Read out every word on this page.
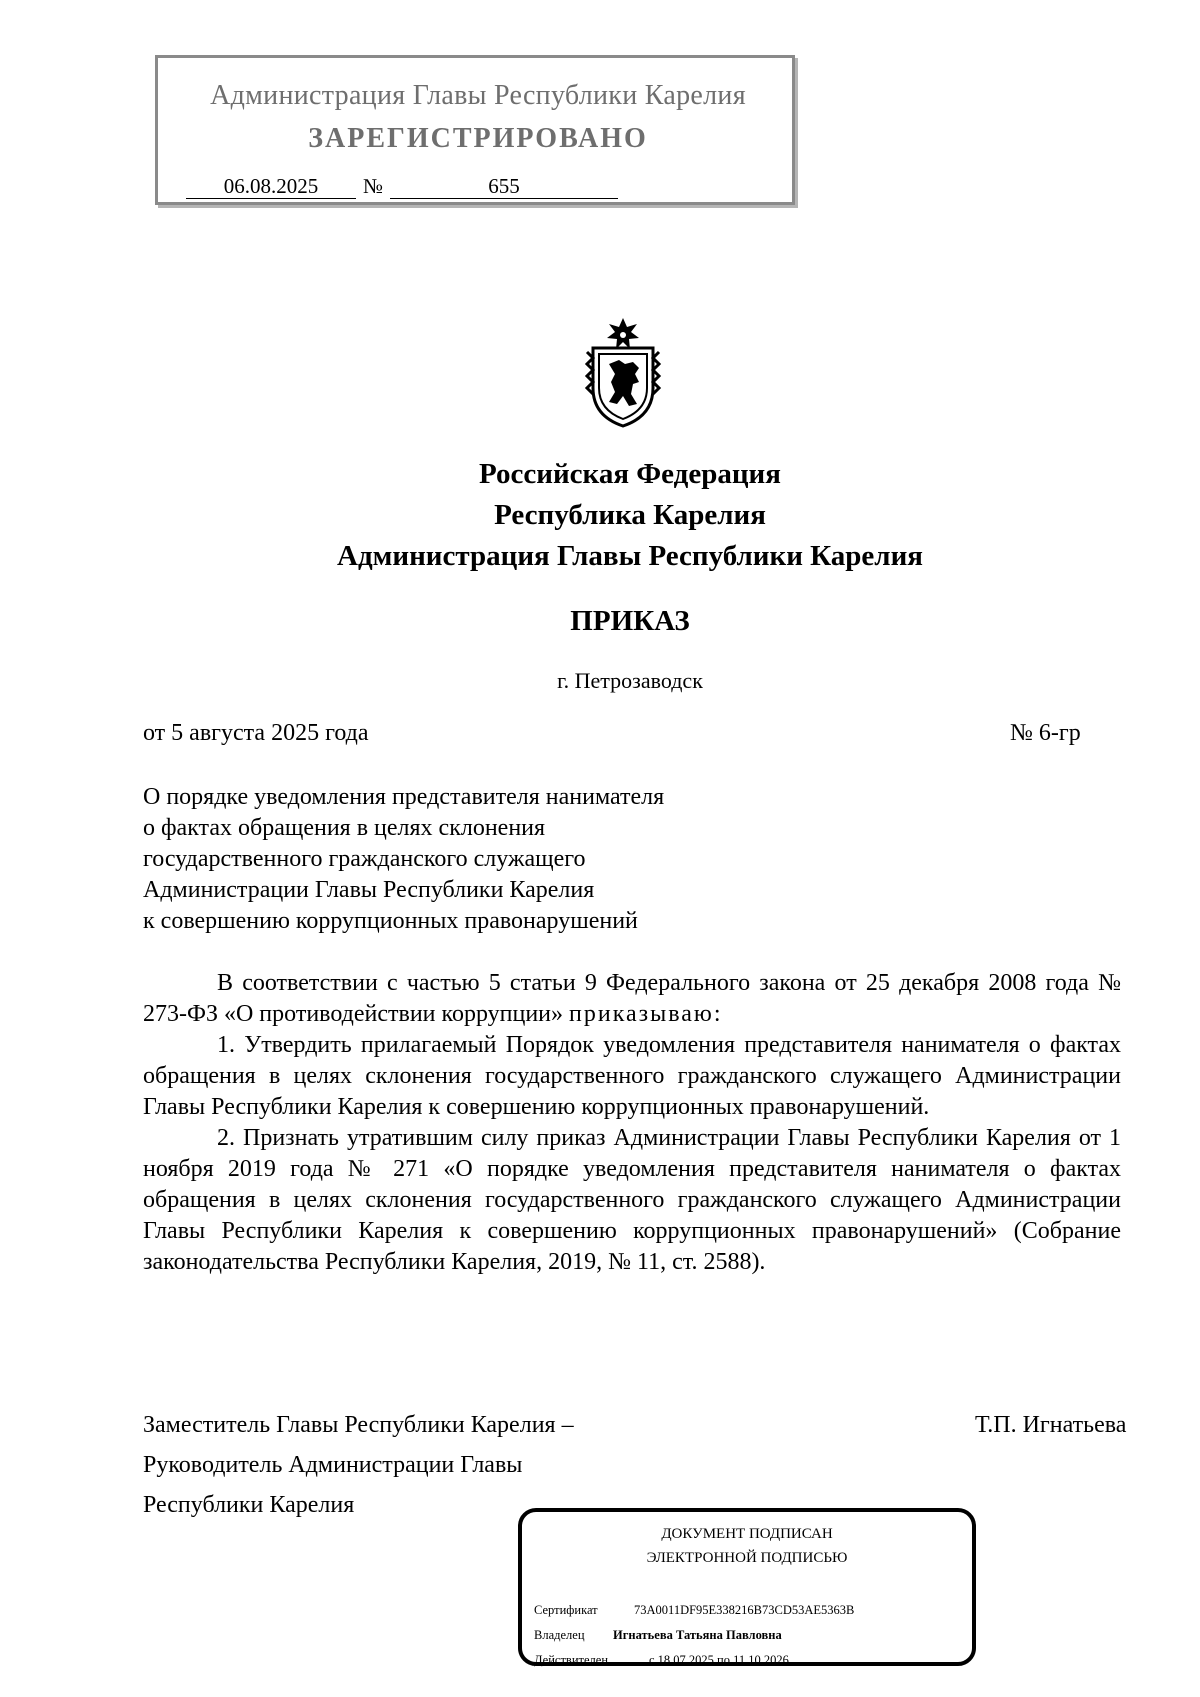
Администрация Главы Республики Карелия
ЗАРЕГИСТРИРОВАНО
06.08.2025	№	655
Российская Федерация
Республика Карелия
Администрация Главы Республики Карелия
ПРИКАЗ
г. Петрозаводск
от 5 августа 2025 года	№ 6-гр
О порядке уведомления представителя нанимателя
о фактах обращения в целях склонения
государственного гражданского служащего
Администрации Главы Республики Карелия
к совершению коррупционных правонарушений
В соответствии с частью 5 статьи 9 Федерального закона от 25 декабря 2008 года № 273-ФЗ «О противодействии коррупции» приказываю:
1. Утвердить прилагаемый Порядок уведомления представителя нанимателя о фактах обращения в целях склонения государственного гражданского служащего Администрации Главы Республики Карелия к совершению коррупционных правонарушений.
2. Признать утратившим силу приказ Администрации Главы Республики Карелия от 1 ноября 2019 года № 271 «О порядке уведомления представителя нанимателя о фактах обращения в целях склонения государственного гражданского служащего Администрации Главы Республики Карелия к совершению коррупционных правонарушений» (Собрание законодательства Республики Карелия, 2019, № 11, ст. 2588).
Заместитель Главы Республики Карелия –
Руководитель Администрации Главы
Республики Карелия
Т.П. Игнатьева
ДОКУМЕНТ ПОДПИСАН
ЭЛЕКТРОННОЙ ПОДПИСЬЮ
Сертификат	73A0011DF95E338216B73CD53AE5363B
Владелец Игнатьева Татьяна Павловна
Действителен	с 18.07.2025 по 11.10.2026
